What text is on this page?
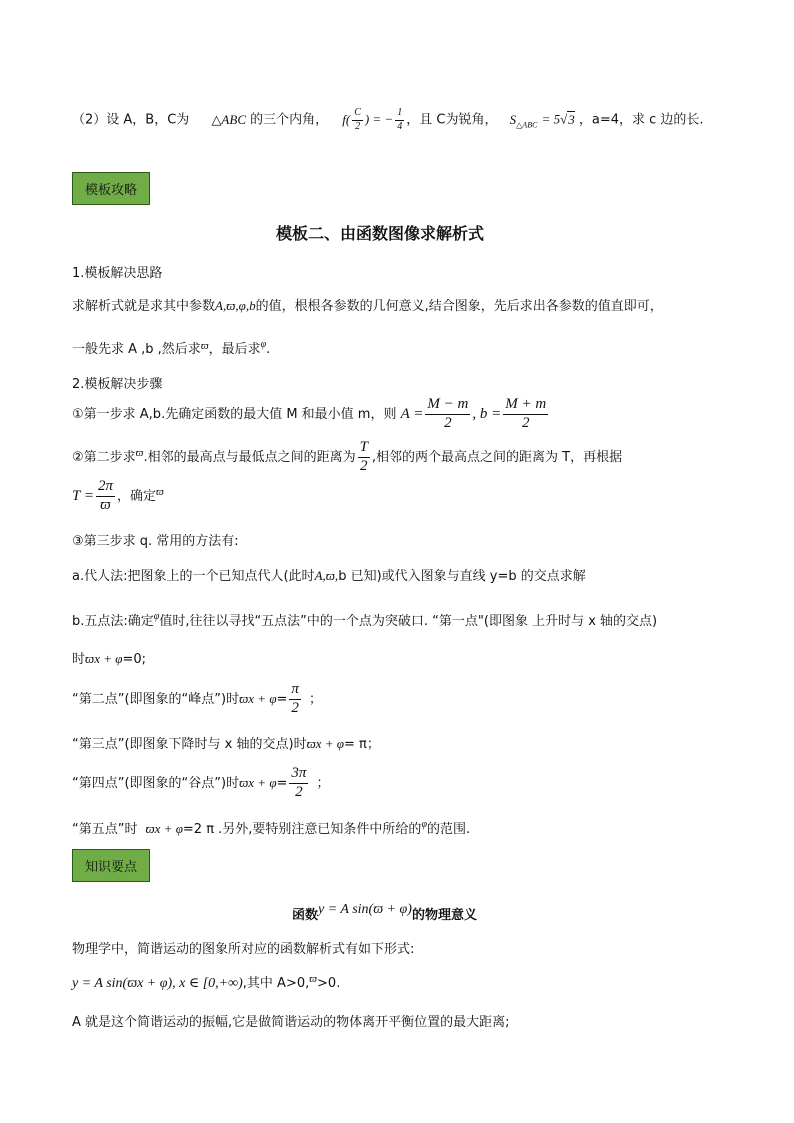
（2）设 A，B，C为 △ABC 的三个内角， $f( \frac{C}{2}$ ) = − $\frac{1}{4}$ ，且 C为锐角， $S_{\triangle ABC} = 5√3$ ，a=4，求 c 边的长.
模板攻略
模板二、由函数图像求解析式
1.模板解决思路
求解析式就是求其中参数A,ϖ,φ,b的值，根根各参数的几何意义,结合图象，先后求出各参数的值直即可，
一般先求 A ,b ,然后求$^ϖ$，最后求$^\varphi$.
2.模板解决步骤
①第一步求 A,b.先确定函数的最大值 M 和最小值 m，则 $A = \frac{M - m}{2}$ , $b = \frac{M + m}{2}$
②第二步求$^ϖ$.相邻的最高点与最低点之间的距离为 $\frac{T}{2}$ ,相邻的两个最高点之间的距离为 T，再根据
$T = \frac{2\pi}{ϖ}$ ，确定$^ϖ$
③第三步求 q. 常用的方法有:
a.代人法:把图象上的一个已知点代人(此时A,ϖ,b 已知)或代入图象与直线 y=b 的交点求解
b.五点法:确定$^\varphi$值时,往往以寻找“五点法”中的一个点为突破口. “第一点"(即图象 上升时与 x 轴的交点)
时ϖx + φ=0;
“第二点”(即图象的“峰点”)时$ϖx + \varphi= \frac{\pi}{2}$ ；
“第三点”(即图象下降时与 x 轴的交点)时ϖx + φ= π；
“第四点”(即图象的“谷点”)时$ϖx + \varphi= \frac{3\pi}{2}$ ；
“第五点”时 ϖx + φ=2 π .另外,要特别注意已知条件中所给的$^\varphi$的范围.
知识要点
函数y = A sin(ϖ + φ)的物理意义
物理学中，简谐运动的图象所对应的函数解析式有如下形式:
y = A sin(ϖx + φ), x ∈ [0,+∞),其中 A>0,$^ϖ$>0.
A 就是这个简谐运动的振幅,它是做简谐运动的物体离开平衡位置的最大距离;
